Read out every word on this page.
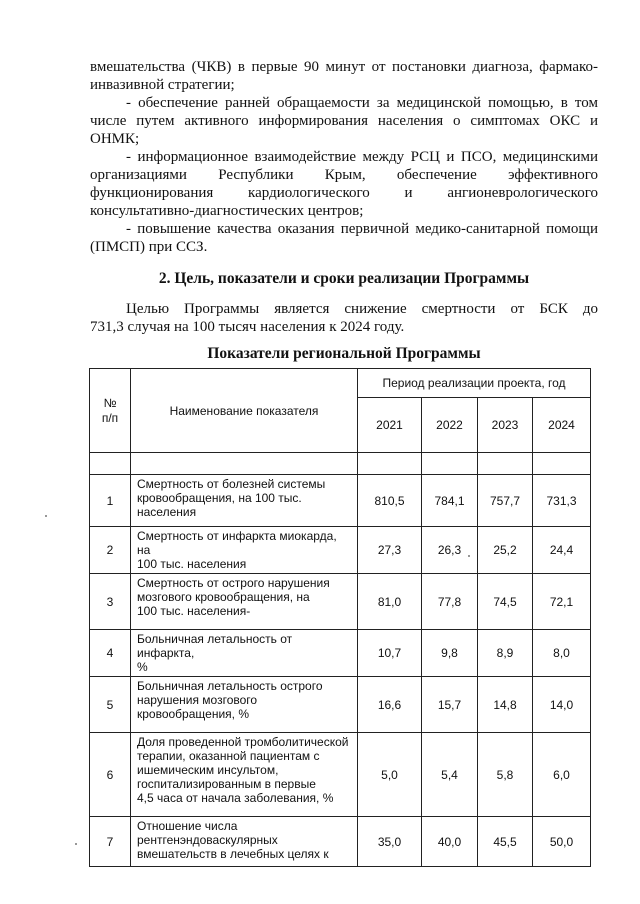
вмешательства (ЧКВ) в первые 90 минут от постановки диагноза, фармако-
инвазивной стратегии;
- обеспечение ранней обращаемости за медицинской помощью, в том
числе путем активного информирования населения о симптомах ОКС и
ОНМК;
- информационное взаимодействие между РСЦ и ПСО, медицинскими
организациями Республики Крым, обеспечение эффективного
функционирования кардиологического и ангионеврологического
консультативно-диагностических центров;
- повышение качества оказания первичной медико-санитарной помощи
(ПМСП) при ССЗ.
2. Цель, показатели и сроки реализации Программы
Целью Программы является снижение смертности от БСК до
731,3 случая на 100 тысяч населения к 2024 году.
Показатели региональной Программы
№
п/п	Наименование показателя	Период реализации проекта, год			
		2021	2022	2023	2024

1	Смертность от болезней системы
кровообращения, на 100 тыс.
населения	810,5	784,1	757,7	731,3
2	Смертность от инфаркта миокарда, на
100 тыс. населения	27,3	26,3	25,2	24,4
3	Смертность от острого нарушения
мозгового кровообращения, на
100 тыс. населения-	81,0	77,8	74,5	72,1
4	Больничная летальность от инфаркта,
%	10,7	9,8	8,9	8,0
5	Больничная летальность острого
нарушения мозгового
кровообращения, %	16,6	15,7	14,8	14,0
6	Доля проведенной тромболитической
терапии, оказанной пациентам с
ишемическим инсультом,
госпитализированным в первые
4,5 часа от начала заболевания, %	5,0	5,4	5,8	6,0
7	Отношение числа
рентгенэндоваскулярных
вмешательств в лечебных целях к	35,0	40,0	45,5	50,0
